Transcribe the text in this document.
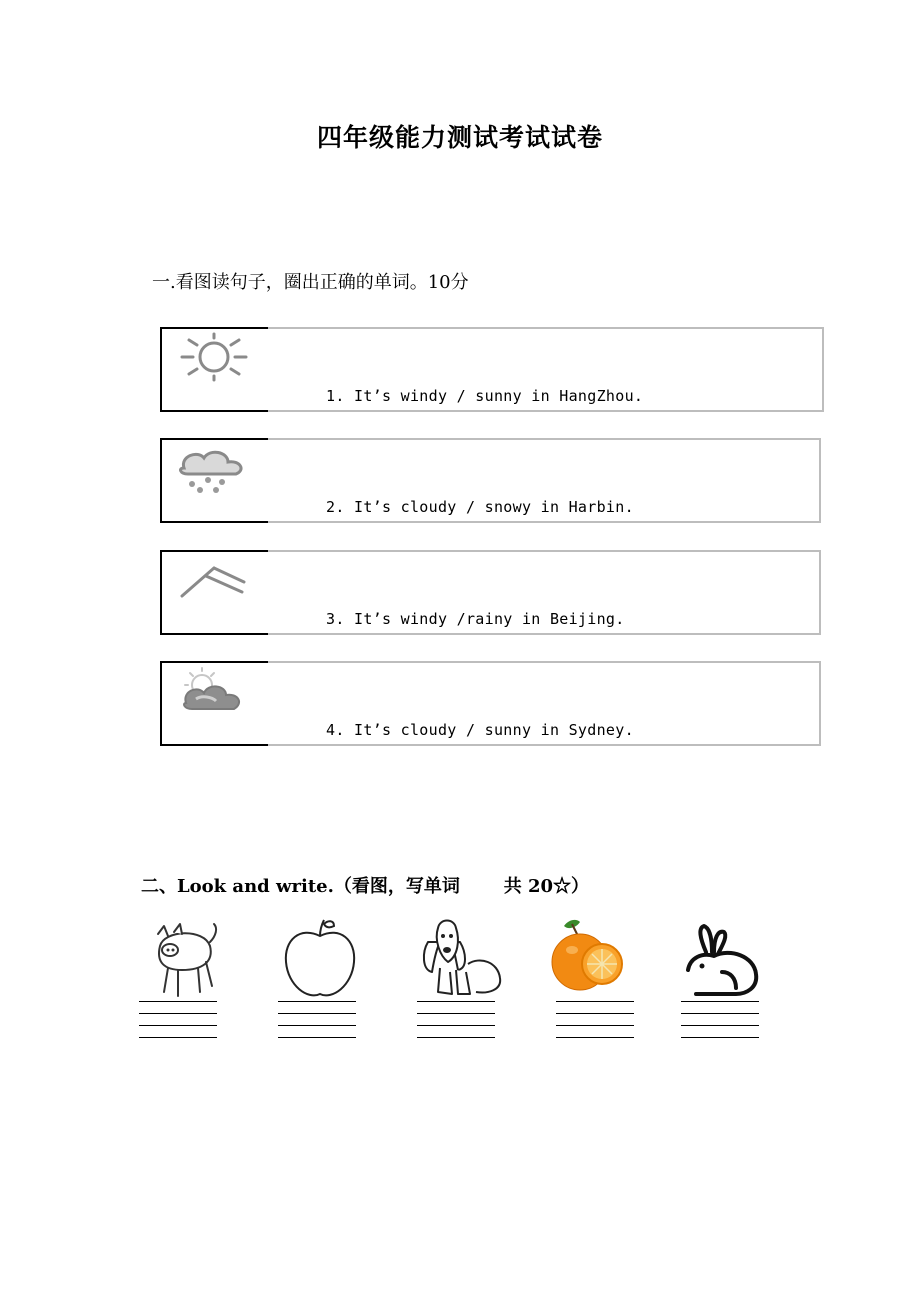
四年级能力测试考试试卷
一.看图读句子，圈出正确的单词。10分
1. It’s windy / sunny in HangZhou.
2. It’s cloudy / snowy in Harbin.
3. It’s windy /rainy in Beijing.
4. It’s cloudy / sunny in Sydney.
二、Look and write.（看图，写单词       共 20☆）
